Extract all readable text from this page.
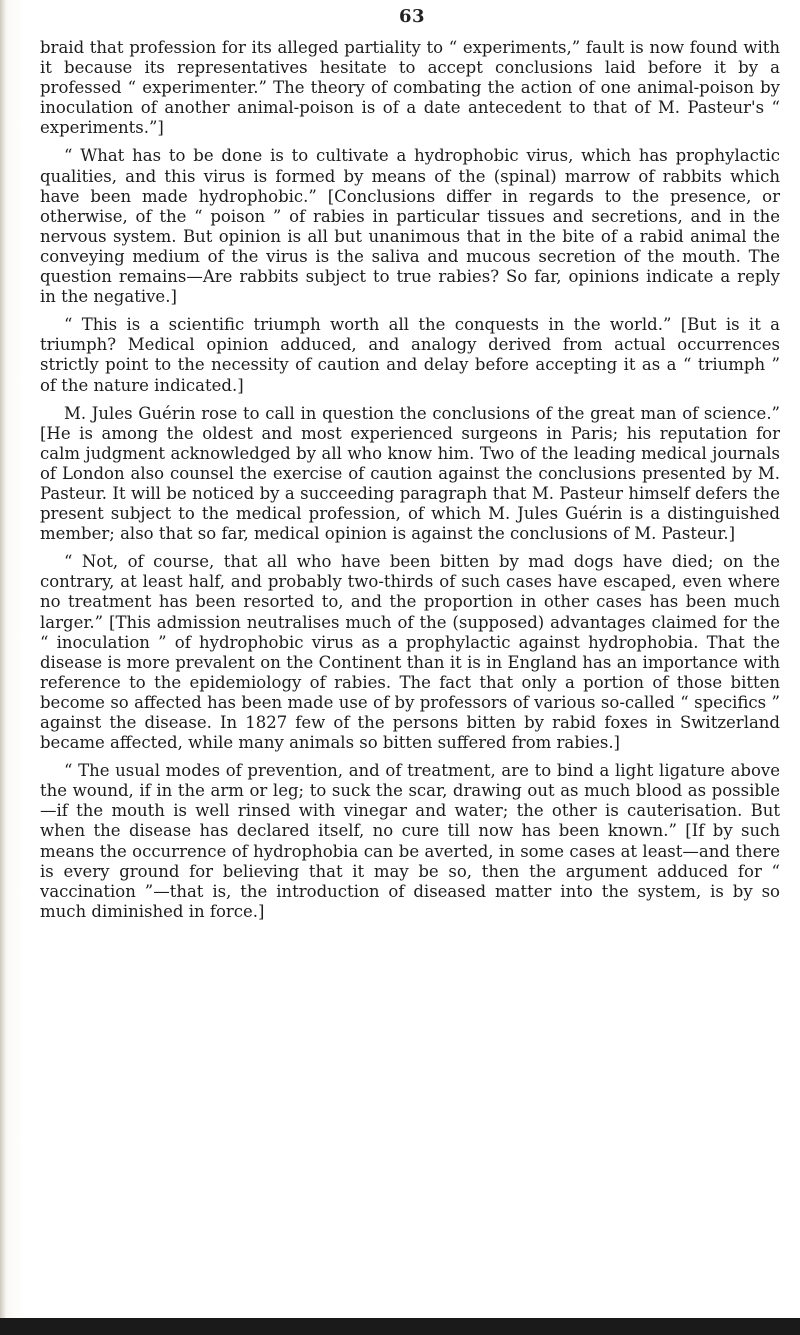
63

braid that profession for its alleged partiality to “ experiments,” fault is now found with it because its representatives hesitate to accept conclusions laid before it by a professed “ experimenter.” The theory of combating the action of one animal-poison by inoculation of another animal-poison is of a date antecedent to that of M. Pasteur's “ experiments.”]

“ What has to be done is to cultivate a hydrophobic virus, which has prophylactic qualities, and this virus is formed by means of the (spinal) marrow of rabbits which have been made hydrophobic.” [Conclusions differ in regards to the presence, or otherwise, of the “ poison ” of rabies in particular tissues and secretions, and in the nervous system. But opinion is all but unanimous that in the bite of a rabid animal the conveying medium of the virus is the saliva and mucous secretion of the mouth. The question remains—Are rabbits subject to true rabies? So far, opinions indicate a reply in the negative.]

“ This is a scientific triumph worth all the conquests in the world.” [But is it a triumph? Medical opinion adduced, and analogy derived from actual occurrences strictly point to the necessity of caution and delay before accepting it as a “ triumph ” of the nature indicated.]

M. Jules Guérin rose to call in question the conclusions of the great man of science.” [He is among the oldest and most experienced surgeons in Paris; his reputation for calm judgment acknowledged by all who know him. Two of the leading medical journals of London also counsel the exercise of caution against the conclusions presented by M. Pasteur. It will be noticed by a succeeding paragraph that M. Pasteur himself defers the present subject to the medical profession, of which M. Jules Guérin is a distinguished member; also that so far, medical opinion is against the conclusions of M. Pasteur.]

“ Not, of course, that all who have been bitten by mad dogs have died; on the contrary, at least half, and probably two-thirds of such cases have escaped, even where no treatment has been resorted to, and the proportion in other cases has been much larger.” [This admission neutralises much of the (supposed) advantages claimed for the “ inoculation ” of hydrophobic virus as a prophylactic against hydrophobia. That the disease is more prevalent on the Continent than it is in England has an importance with reference to the epidemiology of rabies. The fact that only a portion of those bitten become so affected has been made use of by professors of various so-called “ specifics ” against the disease. In 1827 few of the persons bitten by rabid foxes in Switzerland became affected, while many animals so bitten suffered from rabies.]

“ The usual modes of prevention, and of treatment, are to bind a light ligature above the wound, if in the arm or leg; to suck the scar, drawing out as much blood as possible—if the mouth is well rinsed with vinegar and water; the other is cauterisation. But when the disease has declared itself, no cure till now has been known.” [If by such means the occurrence of hydrophobia can be averted, in some cases at least—and there is every ground for believing that it may be so, then the argument adduced for “ vaccination ”—that is, the introduction of diseased matter into the system, is by so much diminished in force.]
